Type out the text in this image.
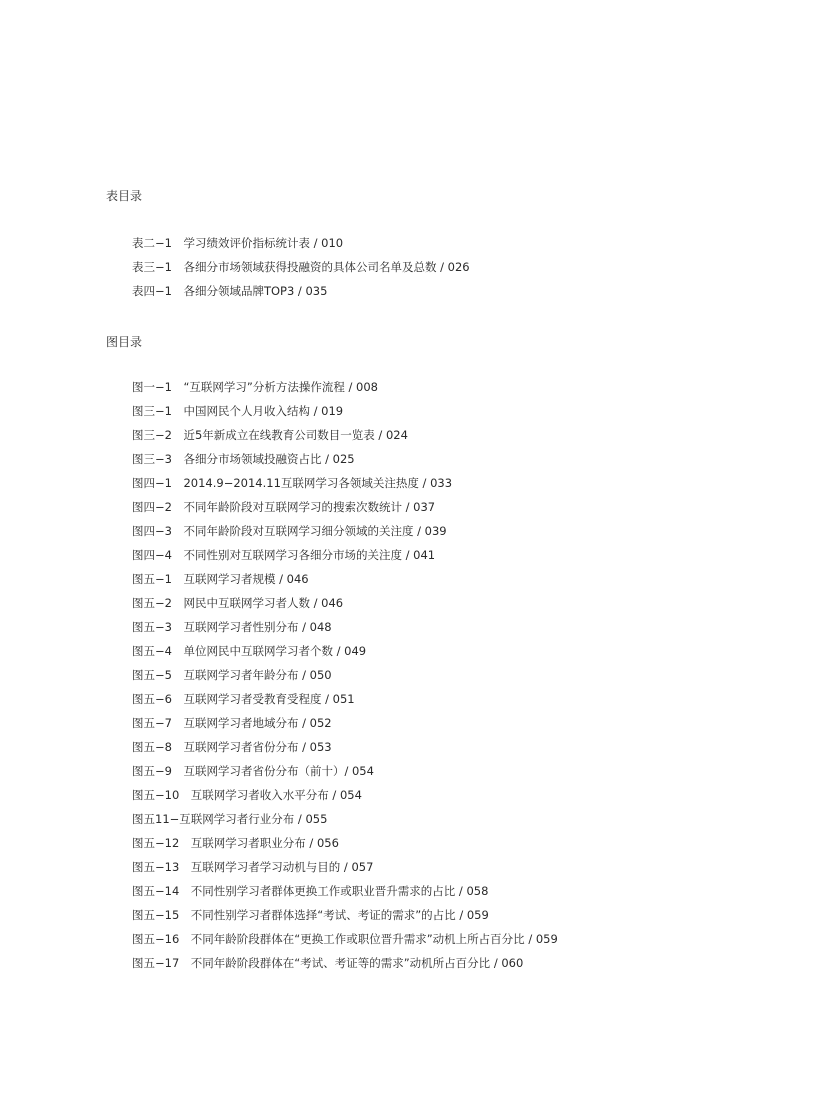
表目录
表二−1　学习绩效评价指标统计表 / 010
表三−1　各细分市场领域获得投融资的具体公司名单及总数 / 026
表四−1　各细分领域品牌TOP3 / 035
图目录
图一−1　“互联网学习”分析方法操作流程 / 008
图三−1　中国网民个人月收入结构 / 019
图三−2　近5年新成立在线教育公司数目一览表 / 024
图三−3　各细分市场领域投融资占比 / 025
图四−1　2014.9−2014.11互联网学习各领域关注热度 / 033
图四−2　不同年龄阶段对互联网学习的搜索次数统计 / 037
图四−3　不同年龄阶段对互联网学习细分领域的关注度 / 039
图四−4　不同性别对互联网学习各细分市场的关注度 / 041
图五−1　互联网学习者规模 / 046
图五−2　网民中互联网学习者人数 / 046
图五−3　互联网学习者性别分布 / 048
图五−4　单位网民中互联网学习者个数 / 049
图五−5　互联网学习者年龄分布 / 050
图五−6　互联网学习者受教育受程度 / 051
图五−7　互联网学习者地域分布 / 052
图五−8　互联网学习者省份分布 / 053
图五−9　互联网学习者省份分布（前十）/ 054
图五−10　互联网学习者收入水平分布 / 054
图五11−互联网学习者行业分布 / 055
图五−12　互联网学习者职业分布 / 056
图五−13　互联网学习者学习动机与目的 / 057
图五−14　不同性别学习者群体更换工作或职业晋升需求的占比 / 058
图五−15　不同性别学习者群体选择“考试、考证的需求”的占比 / 059
图五−16　不同年龄阶段群体在“更换工作或职位晋升需求”动机上所占百分比 / 059
图五−17　不同年龄阶段群体在“考试、考证等的需求”动机所占百分比 / 060
